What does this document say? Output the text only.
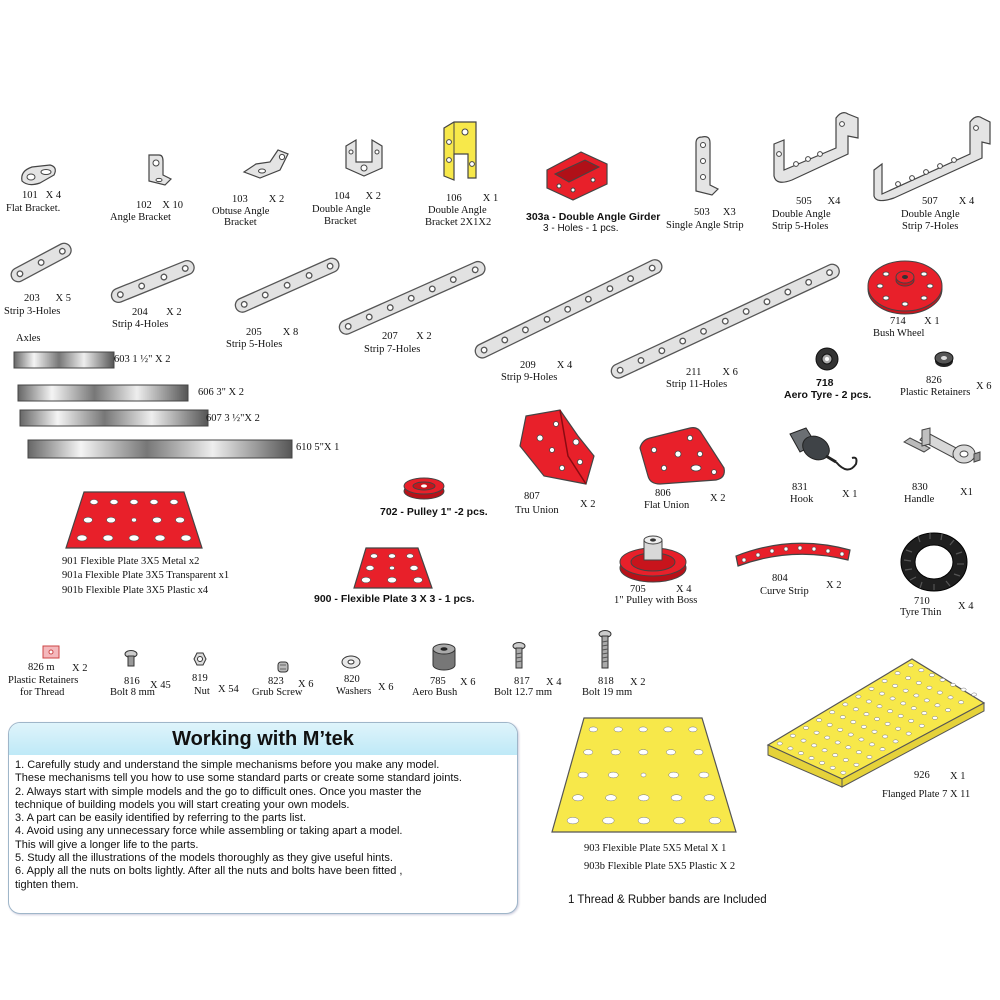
101 X 4
Flat Bracket.	102 X 10
Angle Bracket
103 X 2
Obtuse Angle
Bracket
104 X 2
Double Angle
Bracket
106 X 1
Double Angle
Bracket 2X1X2	303a - Double Angle Girder
3 - Holes - 1 pcs.
503 X3
Single Angle Strip
505 X4
Double Angle
Strip 5-Holes
507 X 4
Double Angle
Strip 7-Holes
203 X 5
Strip 3-Holes	204 X 2
Strip 4-Holes
205 X 8
Strip 5-Holes
207 X 2
Strip 7-Holes
209 X 4
Strip 9-Holes	211 X 6
Strip 11-Holes
714 X 1
Bush Wheel
718
Aero Tyre - 2 pcs.
826
X 6
Plastic Retainers
Axles
603 1 ½" X 2
606 3" X 2
607 3 ½"X 2
610 5"X 1
807
X 2
Tru Union
806	X 2
Flat Union
831
X 1
Hook
830	X1
Handle
702 - Pulley 1" -2 pcs.
901 Flexible Plate 3X5 Metal x2
901a Flexible Plate 3X5 Transparent x1
901b Flexible Plate 3X5 Plastic x4
900 - Flexible Plate 3 X 3 - 1 pcs.
705	X 4
1" Pulley with Boss
804
X 2
Curve Strip
710	X 4
Tyre Thin
826 m X 2
Plastic Retainers
for Thread
816 X 45
Bolt 8 mm
819
X 54
Nut
823 X 6
Grub Screw
820
X 6
Washers
785 X 6
Aero Bush
817 X 4
Bolt 12.7 mm
818 X 2
Bolt 19 mm
926 X 1
Flanged Plate 7 X 11
903 Flexible Plate 5X5 Metal X 1
903b Flexible Plate 5X5 Plastic X 2
1 Thread & Rubber bands are Included
Working with M’tek
1. Carefully study and understand the simple mechanisms before you make any model.
These mechanisms tell you how to use some standard parts or create some standard joints.
2. Always start with simple models and the go to difficult ones. Once you master the
technique of building models you will start creating your own models.
3. A part can be easily identified by referring to the parts list.
4. Avoid using any unnecessary force while assembling or taking apart a model.
This will give a longer life to the parts.
5. Study all the illustrations of the models thoroughly as they give useful hints.
6. Apply all the nuts on bolts lightly. After all the nuts and bolts have been fitted ,
tighten them.
